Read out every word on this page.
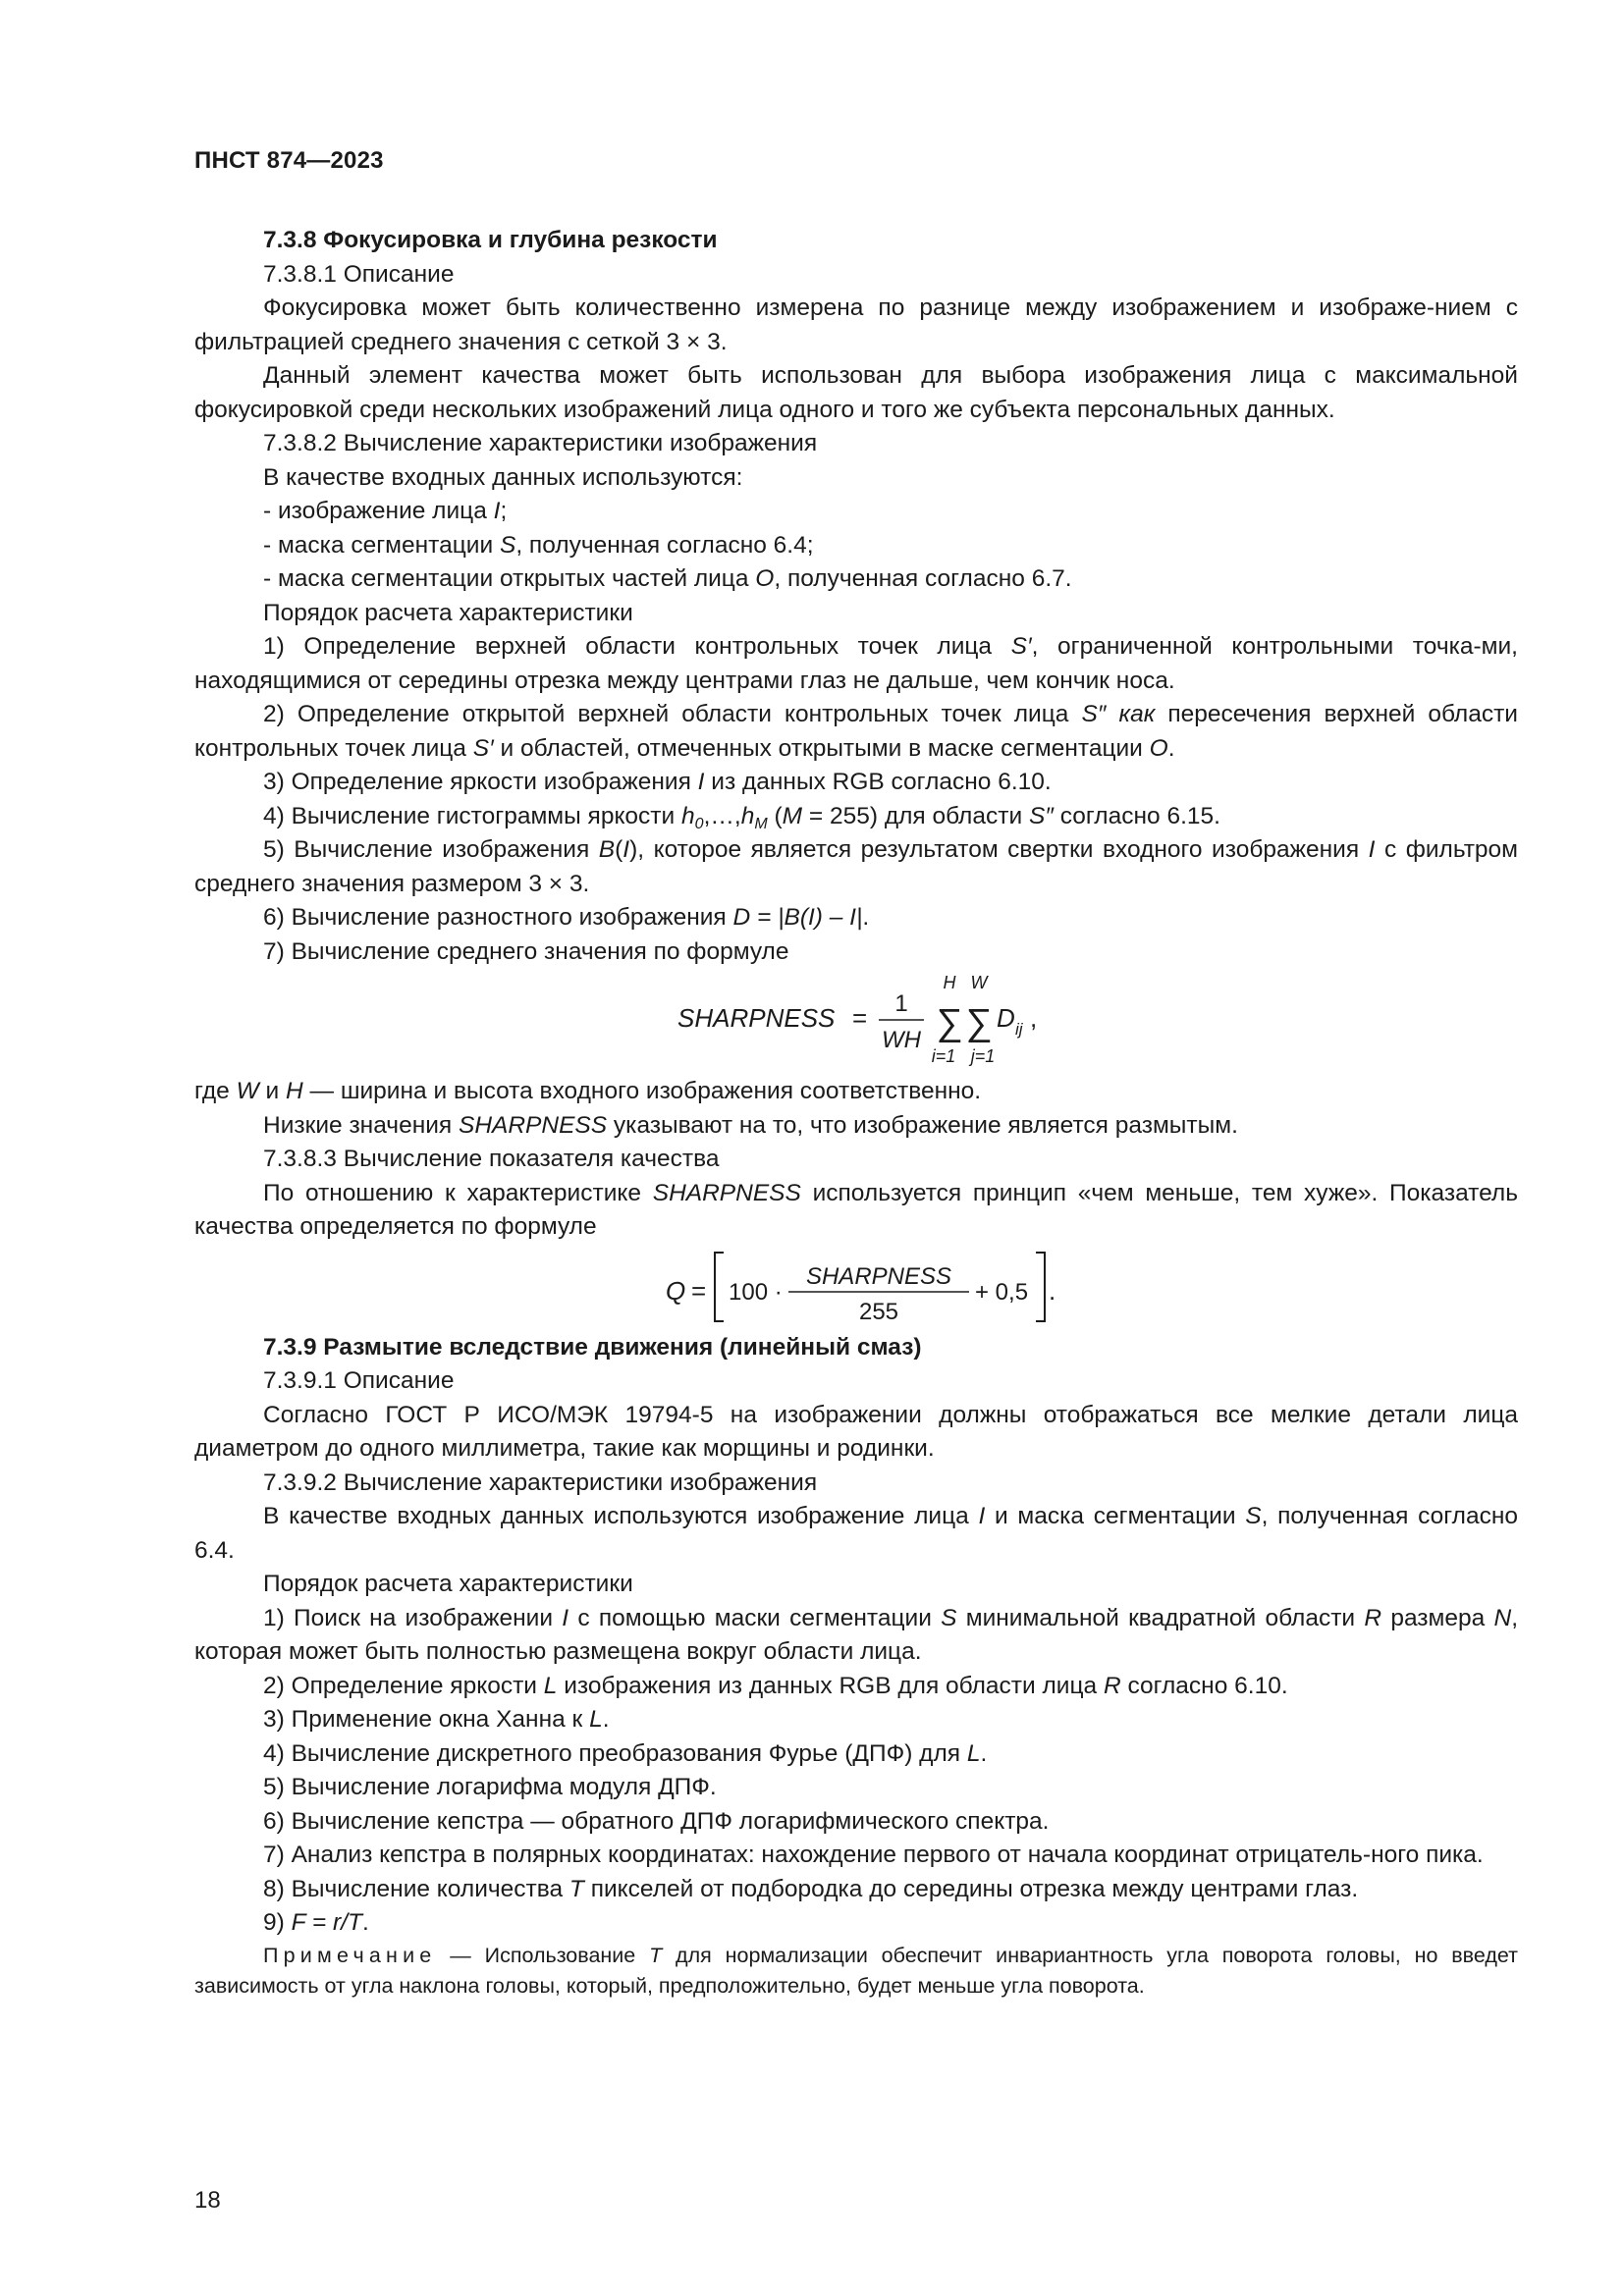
ПНСТ 874—2023

7.3.8 Фокусировка и глубина резкости

7.3.8.1 Описание

Фокусировка может быть количественно измерена по разнице между изображением и изображе-нием с фильтрацией среднего значения с сеткой 3 × 3.

Данный элемент качества может быть использован для выбора изображения лица с максимальной фокусировкой среди нескольких изображений лица одного и того же субъекта персональных данных.

7.3.8.2 Вычисление характеристики изображения

В качестве входных данных используются:

- изображение лица I;

- маска сегментации S, полученная согласно 6.4;

- маска сегментации открытых частей лица O, полученная согласно 6.7.

Порядок расчета характеристики

1) Определение верхней области контрольных точек лица S′, ограниченной контрольными точка-ми, находящимися от середины отрезка между центрами глаз не дальше, чем кончик носа.

2) Определение открытой верхней области контрольных точек лица S″ как пересечения верхней области контрольных точек лица S′ и областей, отмеченных открытыми в маске сегментации O.

3) Определение яркости изображения I из данных RGB согласно 6.10.

4) Вычисление гистограммы яркости $h_0,\dots,h_M$ (M = 255) для области S″ согласно 6.15.

5) Вычисление изображения B(I), которое является результатом свертки входного изображения I с фильтром среднего значения размером 3 × 3.

6) Вычисление разностного изображения D = |B(I) – I|.

7) Вычисление среднего значения по формуле

SHARPNESS = 1
WH
H
∑
i=1
W
∑
j=1
D ij ,

где W и H — ширина и высота входного изображения соответственно.

Низкие значения SHARPNESS указывают на то, что изображение является размытым.

7.3.8.3 Вычисление показателя качества

По отношению к характеристике SHARPNESS используется принцип «чем меньше, тем хуже». Показатель качества определяется по формуле

Q = 100 ·
SHARPNESS
255
+ 0,5 .

7.3.9 Размытие вследствие движения (линейный смаз)

7.3.9.1 Описание

Согласно ГОСТ Р ИСО/МЭК 19794-5 на изображении должны отображаться все мелкие детали лица диаметром до одного миллиметра, такие как морщины и родинки.

7.3.9.2 Вычисление характеристики изображения

В качестве входных данных используются изображение лица I и маска сегментации S, полученная согласно 6.4.

Порядок расчета характеристики

1) Поиск на изображении I с помощью маски сегментации S минимальной квадратной области R размера N, которая может быть полностью размещена вокруг области лица.

2) Определение яркости L изображения из данных RGB для области лица R согласно 6.10.

3) Применение окна Ханна к L.

4) Вычисление дискретного преобразования Фурье (ДПФ) для L.

5) Вычисление логарифма модуля ДПФ.

6) Вычисление кепстра — обратного ДПФ логарифмического спектра.

7) Анализ кепстра в полярных координатах: нахождение первого от начала координат отрицатель-ного пика.

8) Вычисление количества T пикселей от подбородка до середины отрезка между центрами глаз.

9) F = r/T.

Примечание — Использование T для нормализации обеспечит инвариантность угла поворота головы, но введет зависимость от угла наклона головы, который, предположительно, будет меньше угла поворота.

18
